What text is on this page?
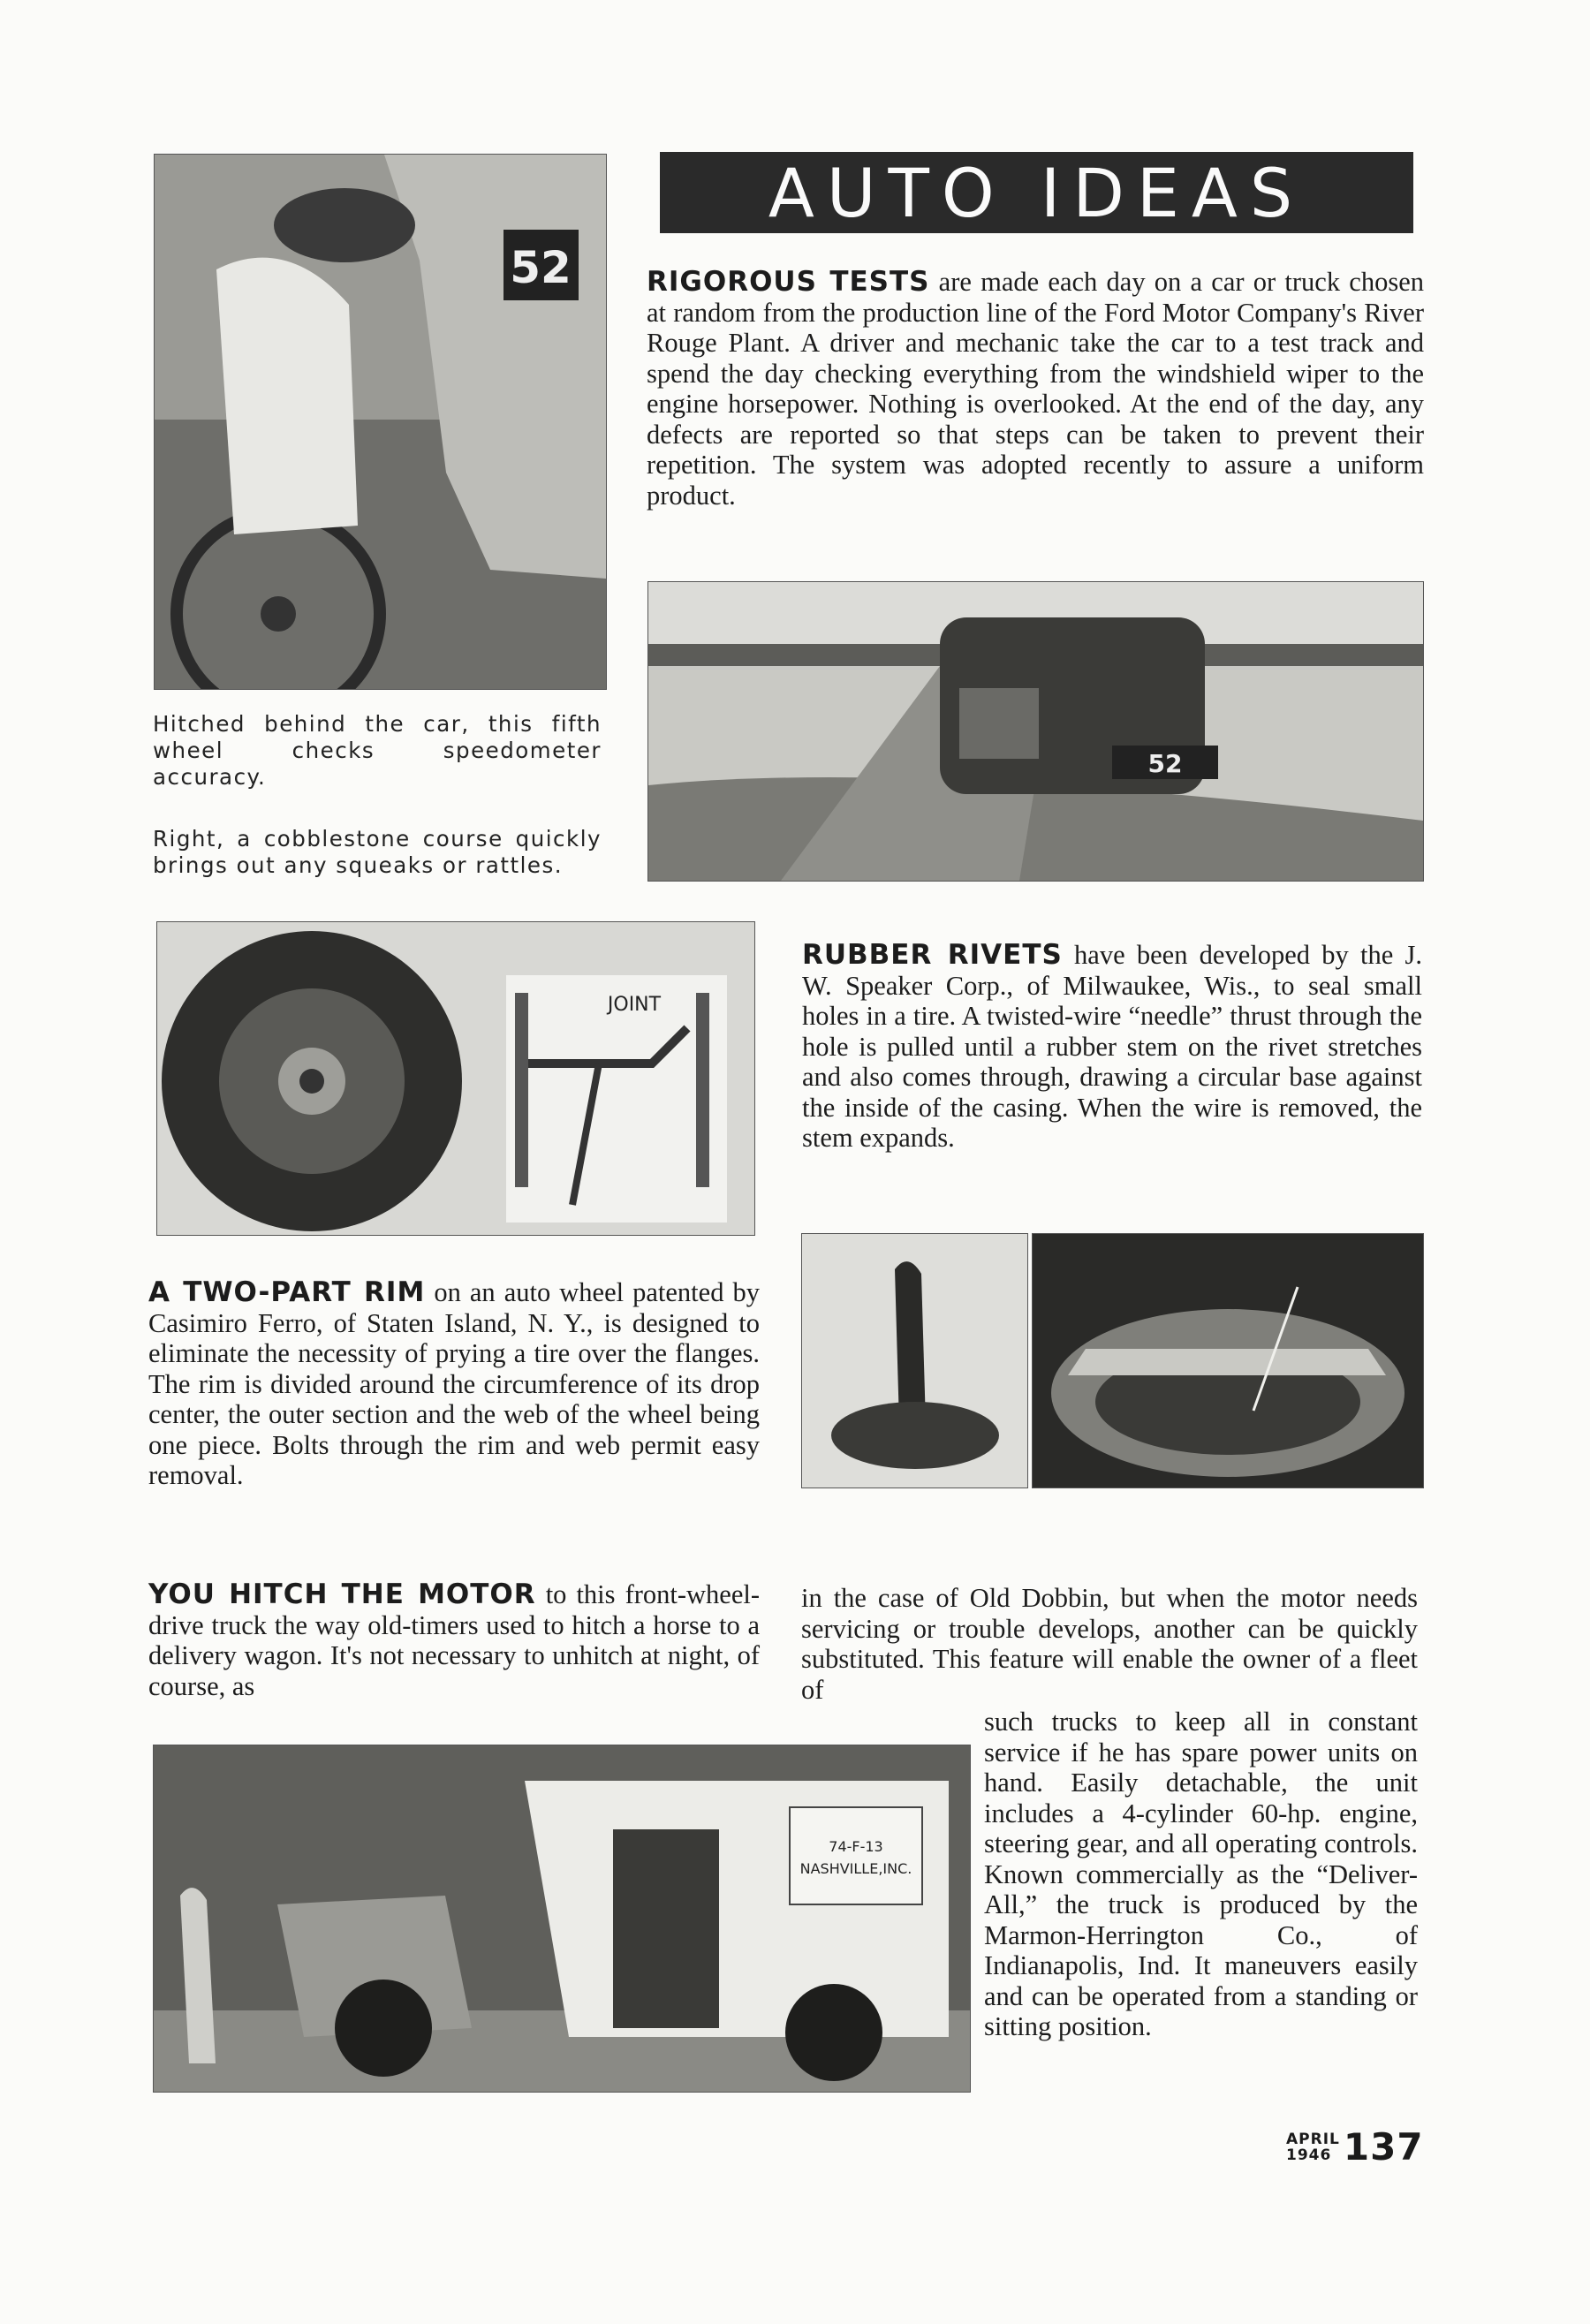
52
AUTO IDEAS
RIGOROUS TESTS are made each day on a car or truck chosen at random from the production line of the Ford Motor Company's River Rouge Plant. A driver and mechanic take the car to a test track and spend the day checking everything from the windshield wiper to the engine horsepower. Nothing is overlooked. At the end of the day, any defects are reported so that steps can be taken to prevent their repetition. The system was adopted recently to assure a uniform product.
52
Hitched behind the car, this fifth wheel checks speedometer accuracy.
Right, a cobblestone course quickly brings out any squeaks or rattles.
JOINT
RUBBER RIVETS have been developed by the J. W. Speaker Corp., of Milwaukee, Wis., to seal small holes in a tire. A twisted-wire “needle” thrust through the hole is pulled until a rubber stem on the rivet stretches and also comes through, drawing a circular base against the inside of the casing. When the wire is removed, the stem expands.
A TWO-PART RIM on an auto wheel patented by Casimiro Ferro, of Staten Island, N. Y., is designed to eliminate the necessity of prying a tire over the flanges. The rim is divided around the circumference of its drop center, the outer section and the web of the wheel being one piece. Bolts through the rim and web permit easy removal.
YOU HITCH THE MOTOR to this front-wheel-drive truck the way old-timers used to hitch a horse to a delivery wagon. It's not necessary to unhitch at night, of course, as
in the case of Old Dobbin, but when the motor needs servicing or trouble develops, another can be quickly substituted. This feature will enable the owner of a fleet of
such trucks to keep all in constant service if he has spare power units on hand. Easily detachable, the unit includes a 4-cylinder 60-hp. engine, steering gear, and all operating controls. Known commercially as the “Deliver-All,” the truck is produced by the Marmon-Herrington Co., of Indianapolis, Ind. It maneuvers easily and can be operated from a standing or sitting position.
74-F-13
NASHVILLE,INC.
APRIL
1946 137
